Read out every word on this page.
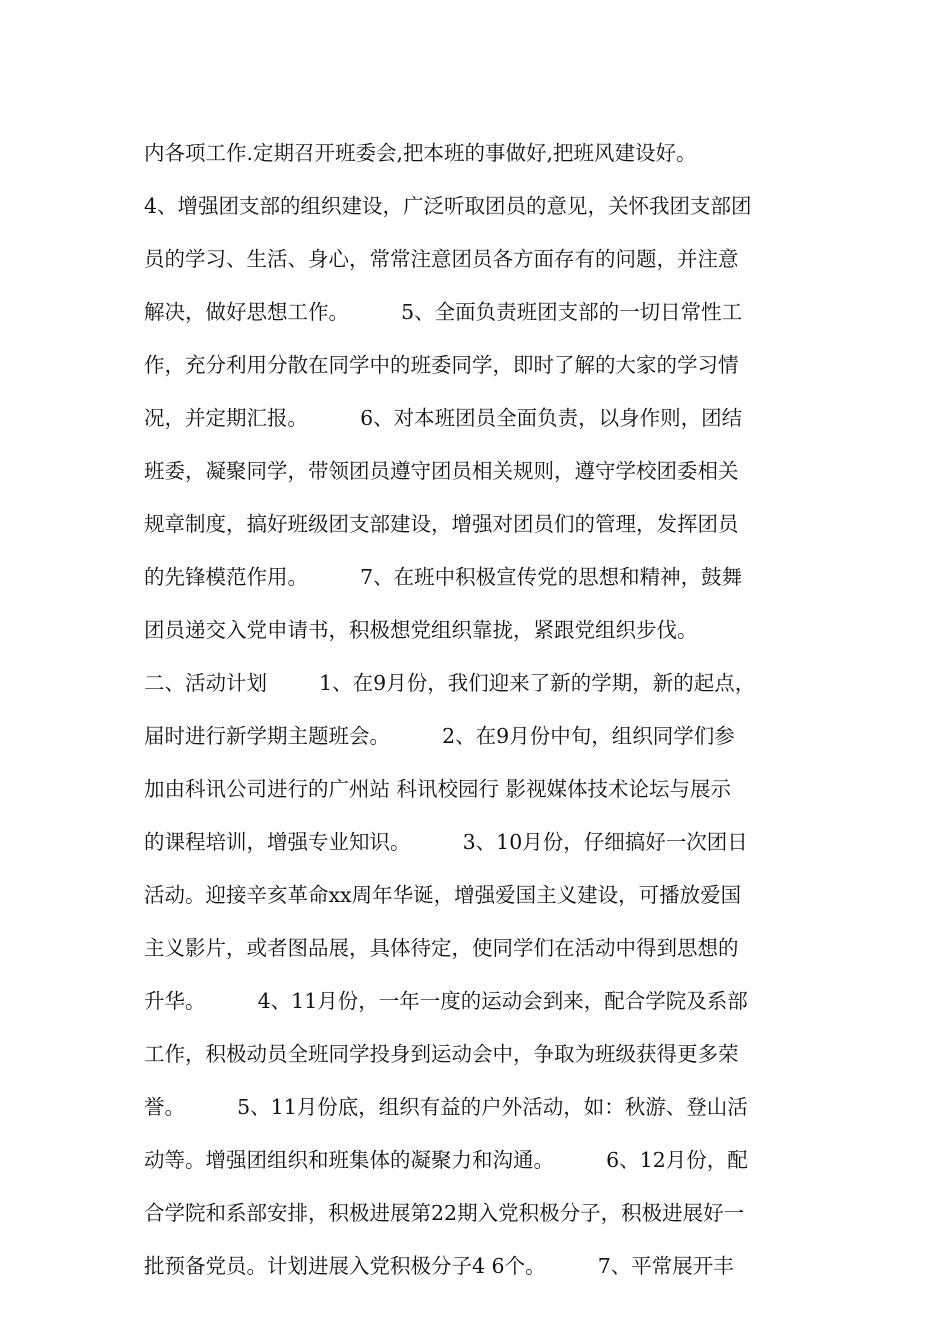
内各项工作.定期召开班委会,把本班的事做好,把班风建设好。
4、增强团支部的组织建设，广泛听取团员的意见，关怀我团支部团
员的学习、生活、身心，常常注意团员各方面存有的问题，并注意
解决，做好思想工作。        5、全面负责班团支部的一切日常性工
作，充分利用分散在同学中的班委同学，即时了解的大家的学习情
况，并定期汇报。        6、对本班团员全面负责，以身作则，团结
班委，凝聚同学，带领团员遵守团员相关规则，遵守学校团委相关
规章制度，搞好班级团支部建设，增强对团员们的管理，发挥团员
的先锋模范作用。        7、在班中积极宣传党的思想和精神，鼓舞
团员递交入党申请书，积极想党组织靠拢，紧跟党组织步伐。
二、活动计划        1、在9月份，我们迎来了新的学期，新的起点，
届时进行新学期主题班会。        2、在9月份中旬，组织同学们参
加由科讯公司进行的广州站 科讯校园行 影视媒体技术论坛与展示
的课程培训，增强专业知识。        3、10月份，仔细搞好一次团日
活动。迎接辛亥革命xx周年华诞，增强爱国主义建设，可播放爱国
主义影片，或者图品展，具体待定，使同学们在活动中得到思想的
升华。        4、11月份，一年一度的运动会到来，配合学院及系部
工作，积极动员全班同学投身到运动会中，争取为班级获得更多荣
誉。        5、11月份底，组织有益的户外活动，如：秋游、登山活
动等。增强团组织和班集体的凝聚力和沟通。        6、12月份，配
合学院和系部安排，积极进展第22期入党积极分子，积极进展好一
批预备党员。计划进展入党积极分子4 6个。        7、平常展开丰
